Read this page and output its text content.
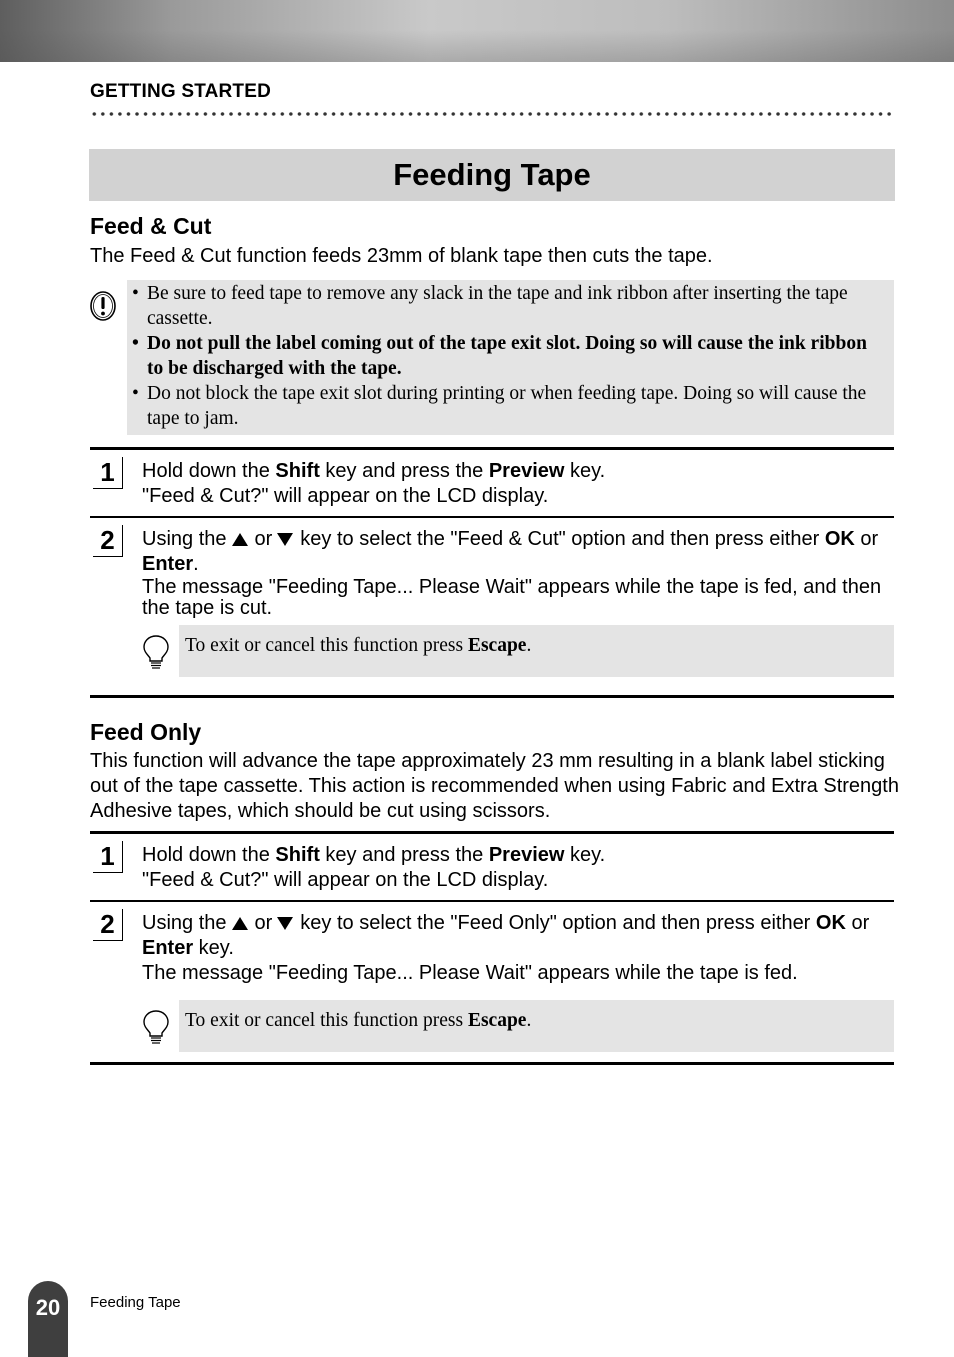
GETTING STARTED
Feeding Tape
Feed & Cut
The Feed & Cut function feeds 23mm of blank tape then cuts the tape.
• Be sure to feed tape to remove any slack in the tape and ink ribbon after inserting the tape cassette.
• Do not pull the label coming out of the tape exit slot. Doing so will cause the ink ribbon to be discharged with the tape.
• Do not block the tape exit slot during printing or when feeding tape. Doing so will cause the tape to jam.
1	Hold down the Shift key and press the Preview key.
"Feed & Cut?" will appear on the LCD display.
2	Using the or key to select the "Feed & Cut" option and then press either OK or
Enter.

The message "Feeding Tape... Please Wait" appears while the tape is fed, and then the tape is cut.
To exit or cancel this function press Escape.
Feed Only
This function will advance the tape approximately 23 mm resulting in a blank label sticking out of the tape cassette. This action is recommended when using Fabric and Extra Strength Adhesive tapes, which should be cut using scissors.
1	Hold down the Shift key and press the Preview key.
"Feed & Cut?" will appear on the LCD display.
2	Using the or key to select the "Feed Only" option and then press either OK or
Enter key.
The message "Feeding Tape... Please Wait" appears while the tape is fed.
To exit or cancel this function press Escape.
20	Feeding Tape
